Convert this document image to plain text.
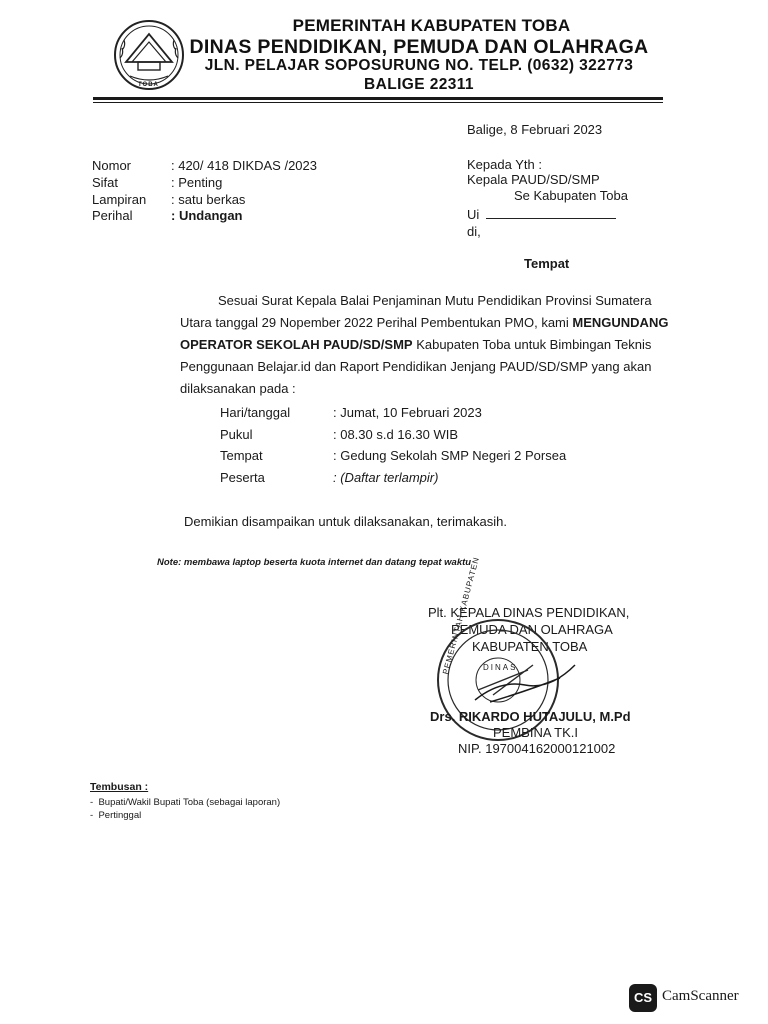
TOBA
PEMERINTAH KABUPATEN TOBA
DINAS PENDIDIKAN, PEMUDA DAN OLAHRAGA
JLN. PELAJAR SOPOSURUNG NO. TELP. (0632) 322773
BALIGE 22311
Balige, 8 Februari 2023
Nomor	: 420/ 418 DIKDAS /2023
Sifat	: Penting
Lampiran : satu berkas
Perihal	: Undangan
Kepada Yth :
Kepala PAUD/SD/SMP
Se Kabupaten Toba
Ui
di,
Tempat
Sesuai Surat Kepala Balai Penjaminan Mutu Pendidikan Provinsi Sumatera
Utara tanggal 29 Nopember 2022 Perihal Pembentukan PMO, kami MENGUNDANG
OPERATOR SEKOLAH PAUD/SD/SMP Kabupaten Toba untuk Bimbingan Teknis
Penggunaan Belajar.id dan Raport Pendidikan Jenjang PAUD/SD/SMP yang akan
dilaksanakan pada :
Hari/tanggal	: Jumat, 10 Februari 2023
Pukul	: 08.30 s.d 16.30 WIB
Tempat	: Gedung Sekolah SMP Negeri 2 Porsea
Peserta	: (Daftar terlampir)
Demikian disampaikan untuk dilaksanakan, terimakasih.
Note: membawa laptop beserta kuota internet dan datang tepat waktu
Plt. KEPALA DINAS PENDIDIKAN,
PEMUDA DAN OLAHRAGA
KABUPATEN TOBA
PEMERINTAH KABUPATEN DINAS
Drs. RIKARDO HUTAJULU, M.Pd
PEMBINA TK.I
NIP. 197004162000121002
Tembusan :
-  Bupati/Wakil Bupati Toba (sebagai laporan)
-  Pertinggal
CS CamScanner
